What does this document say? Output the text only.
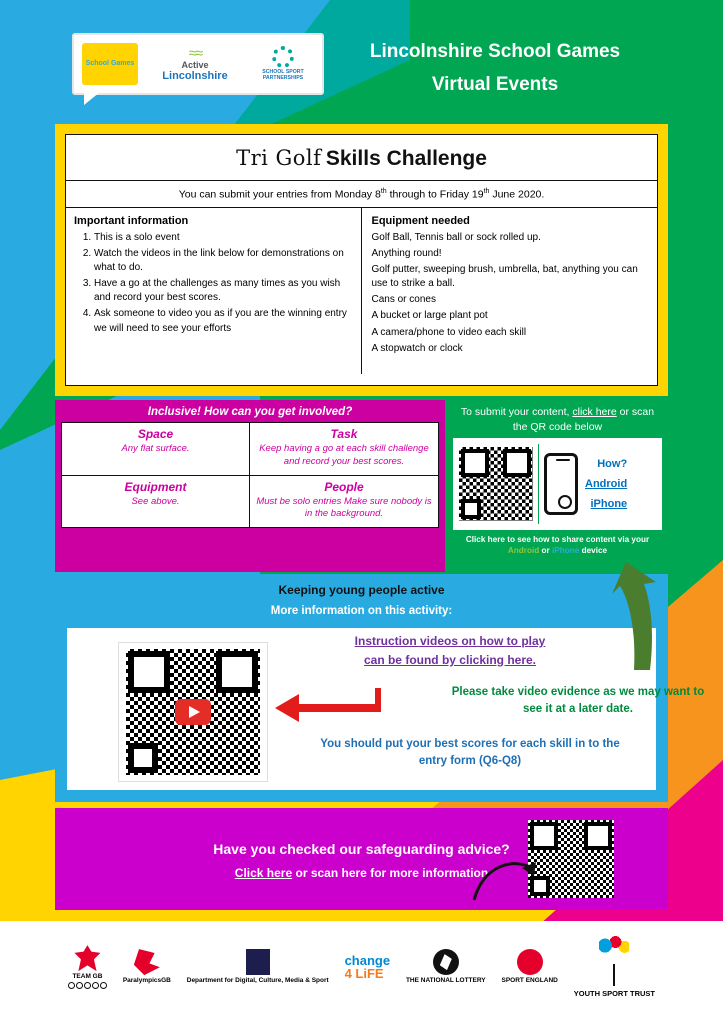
School Games
≈≈
Active
Lincolnshire	SCHOOL SPORT PARTNERSHIPS
Lincolnshire School Games
Virtual Events
Tri Golf Skills Challenge
You can submit your entries from Monday 8th through to Friday 19th June 2020.
Important information
1. This is a solo event
2. Watch the videos in the link below for demonstrations on what to do.
3. Have a go at the challenges as many times as you wish and record your best scores.
4. Ask someone to video you as if you are the winning entry we will need to see your efforts
Equipment needed
Golf Ball, Tennis ball or sock rolled up.
Anything round!
Golf putter, sweeping brush, umbrella, bat, anything you can use to strike a ball.
Cans or cones
A bucket or large plant pot
A camera/phone to video each skill
A stopwatch or clock
Inclusive! How can you get involved?
Space
Any flat surface.
Task
Keep having a go at each skill challenge and record your best scores.
Equipment
See above.
People
Must be solo entries Make sure nobody is in the background.
To submit your content, click here or scan the QR code below
How?
Android
iPhone
Click here to see how to share content via your Android or iPhone device
Keeping young people active
More information on this activity:
Instruction videos on how to play
can be found by clicking here.
Please take video evidence as we may want to see it at a later date.
You should put your best scores for each skill in to the entry form (Q6-Q8)
Have you checked our safeguarding advice?
Click here or scan here for more information
TEAM GB
ParalympicsGB Department for Digital, Culture, Media & Sport
change
4 LiFE	THE NATIONAL LOTTERY SPORT ENGLAND
YOUTH SPORT TRUST
